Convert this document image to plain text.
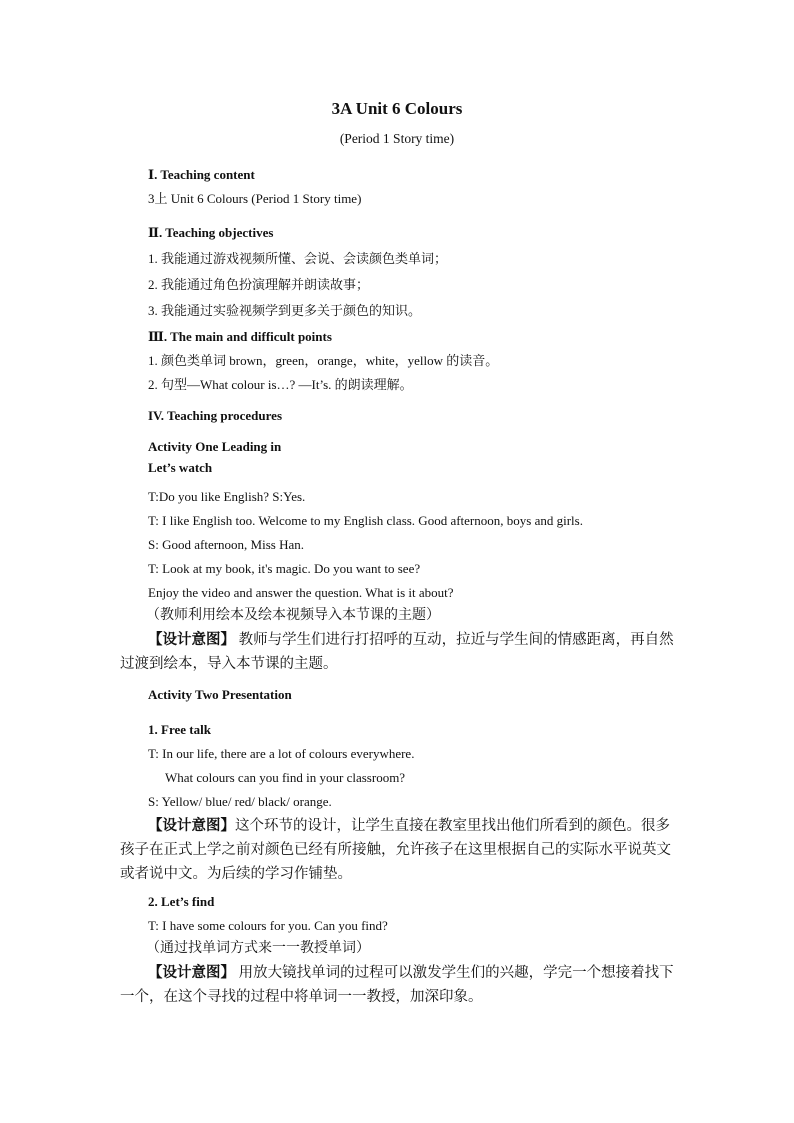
3A Unit 6 Colours
(Period 1 Story time)
Ⅰ. Teaching content
3上 Unit 6 Colours (Period 1 Story time)
Ⅱ. Teaching objectives
1. 我能通过游戏视频所懂、会说、会读颜色类单词；
2. 我能通过角色扮演理解并朗读故事；
3. 我能通过实验视频学到更多关于颜色的知识。
Ⅲ. The main and difficult points
1. 颜色类单词 brown，green，orange，white，yellow 的读音。
2. 句型—What colour is…? —It’s. 的朗读理解。
IV. Teaching procedures
Activity One Leading in
Let’s watch
T:Do you like English? S:Yes.
T: I like English too. Welcome to my English class. Good afternoon, boys and girls.
S: Good afternoon, Miss Han.
T: Look at my book, it's magic. Do you want to see?
Enjoy the video and answer the question. What is it about?
（教师利用绘本及绘本视频导入本节课的主题）
【设计意图】 教师与学生们进行打招呼的互动，拉近与学生间的情感距离，再自然过渡到绘本，导入本节课的主题。
Activity Two Presentation
1. Free talk
T: In our life, there are a lot of colours everywhere.
What colours can you find in your classroom?
S: Yellow/ blue/ red/ black/ orange.
【设计意图】这个环节的设计，让学生直接在教室里找出他们所看到的颜色。很多孩子在正式上学之前对颜色已经有所接触，允许孩子在这里根据自己的实际水平说英文或者说中文。为后续的学习作铺垫。
2. Let’s find
T: I have some colours for you. Can you find?
（通过找单词方式来一一教授单词）
【设计意图】 用放大镜找单词的过程可以激发学生们的兴趣，学完一个想接着找下一个，在这个寻找的过程中将单词一一教授，加深印象。
